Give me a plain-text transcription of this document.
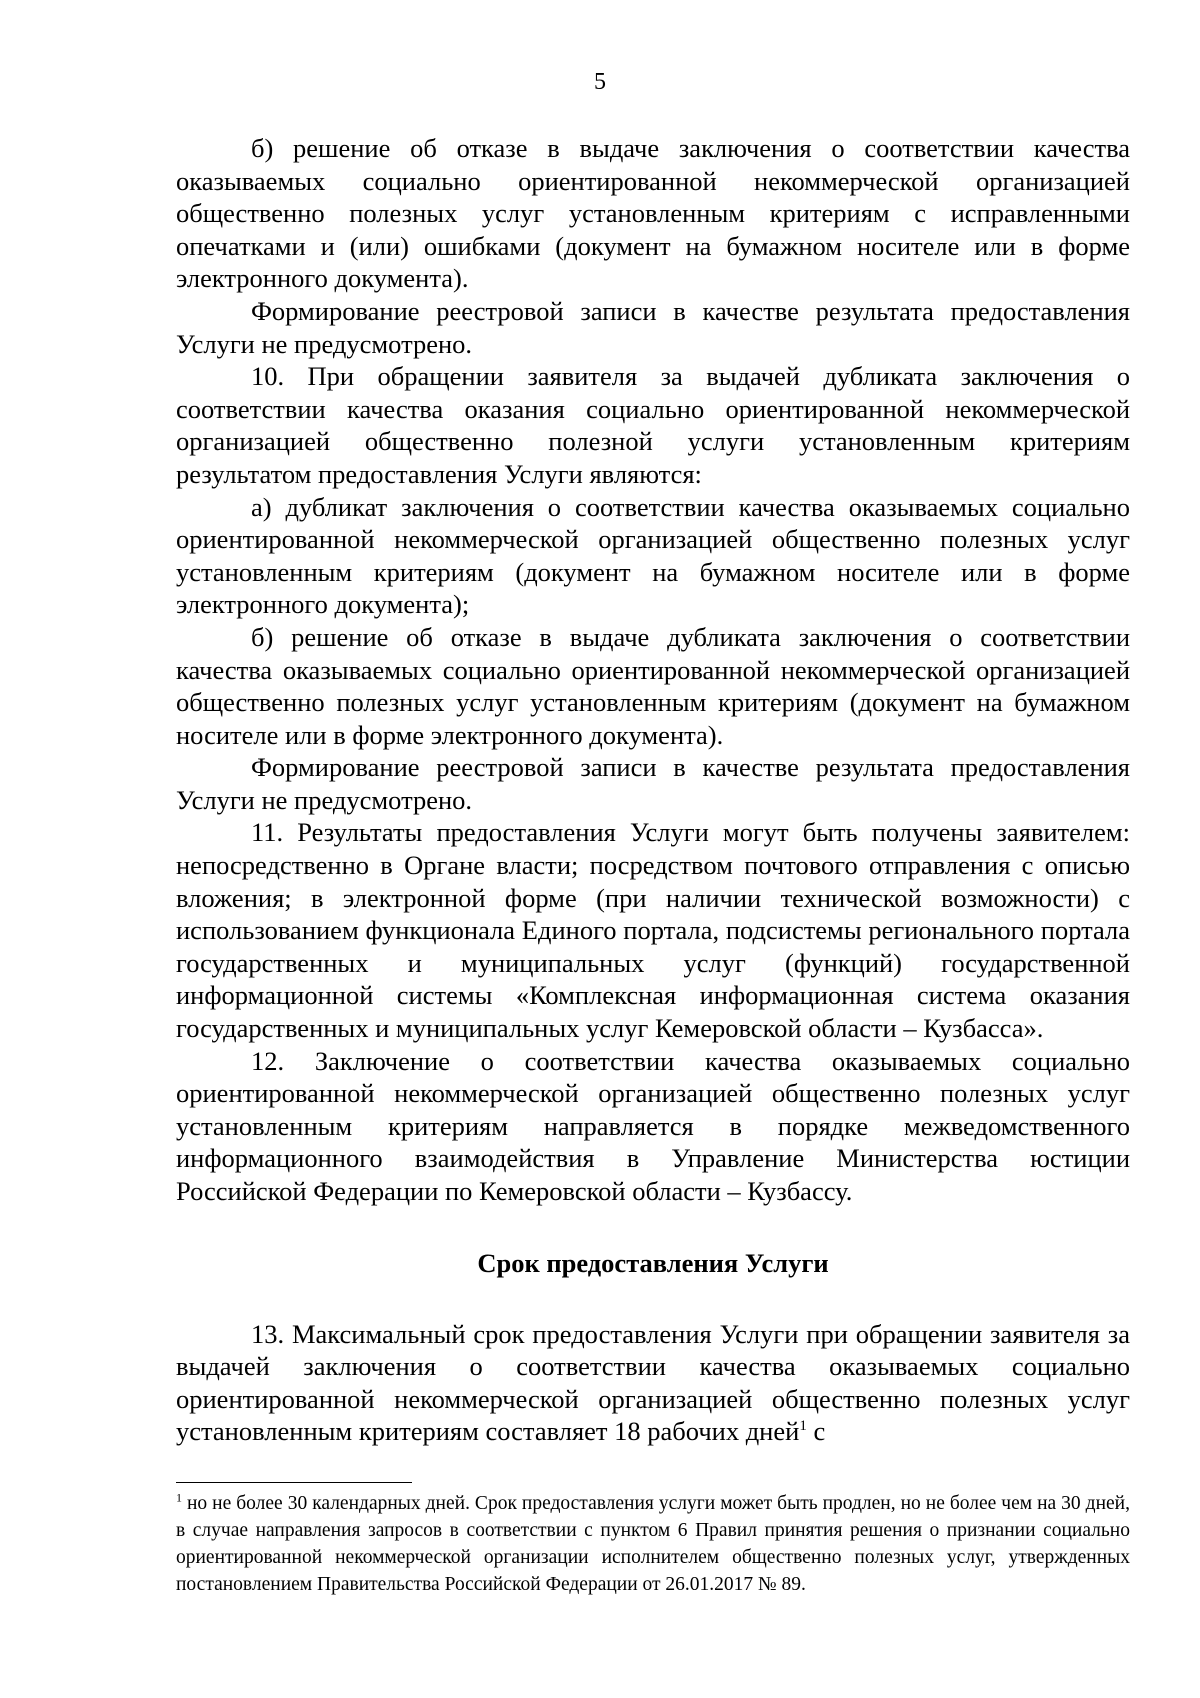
5

б) решение об отказе в выдаче заключения о соответствии качества оказываемых социально ориентированной некоммерческой организацией общественно полезных услуг установленным критериям с исправленными опечатками и (или) ошибками (документ на бумажном носителе или в форме электронного документа).

Формирование реестровой записи в качестве результата предоставления Услуги не предусмотрено.

10. При обращении заявителя за выдачей дубликата заключения о соответствии качества оказания социально ориентированной некоммерческой организацией общественно полезной услуги установленным критериям результатом предоставления Услуги являются:

а) дубликат заключения о соответствии качества оказываемых социально ориентированной некоммерческой организацией общественно полезных услуг установленным критериям (документ на бумажном носителе или в форме электронного документа);

б) решение об отказе в выдаче дубликата заключения о соответствии качества оказываемых социально ориентированной некоммерческой организацией общественно полезных услуг установленным критериям (документ на бумажном носителе или в форме электронного документа).

Формирование реестровой записи в качестве результата предоставления Услуги не предусмотрено.

11. Результаты предоставления Услуги могут быть получены заявителем: непосредственно в Органе власти; посредством почтового отправления с описью вложения; в электронной форме (при наличии технической возможности) с использованием функционала Единого портала, подсистемы регионального портала государственных и муниципальных услуг (функций) государственной информационной системы «Комплексная информационная система оказания государственных и муниципальных услуг Кемеровской области – Кузбасса».

12. Заключение о соответствии качества оказываемых социально ориентированной некоммерческой организацией общественно полезных услуг установленным критериям направляется в порядке межведомственного информационного взаимодействия в Управление Министерства юстиции Российской Федерации по Кемеровской области – Кузбассу.

Срок предоставления Услуги

13. Максимальный срок предоставления Услуги при обращении заявителя за выдачей заключения о соответствии качества оказываемых социально ориентированной некоммерческой организацией общественно полезных услуг установленным критериям составляет 18 рабочих дней$^1$ с

$^1$ но не более 30 календарных дней. Срок предоставления услуги может быть продлен, но не более чем на 30 дней, в случае направления запросов в соответствии с пунктом 6 Правил принятия решения о признании социально ориентированной некоммерческой организации исполнителем общественно полезных услуг, утвержденных постановлением Правительства Российской Федерации от 26.01.2017 № 89.
